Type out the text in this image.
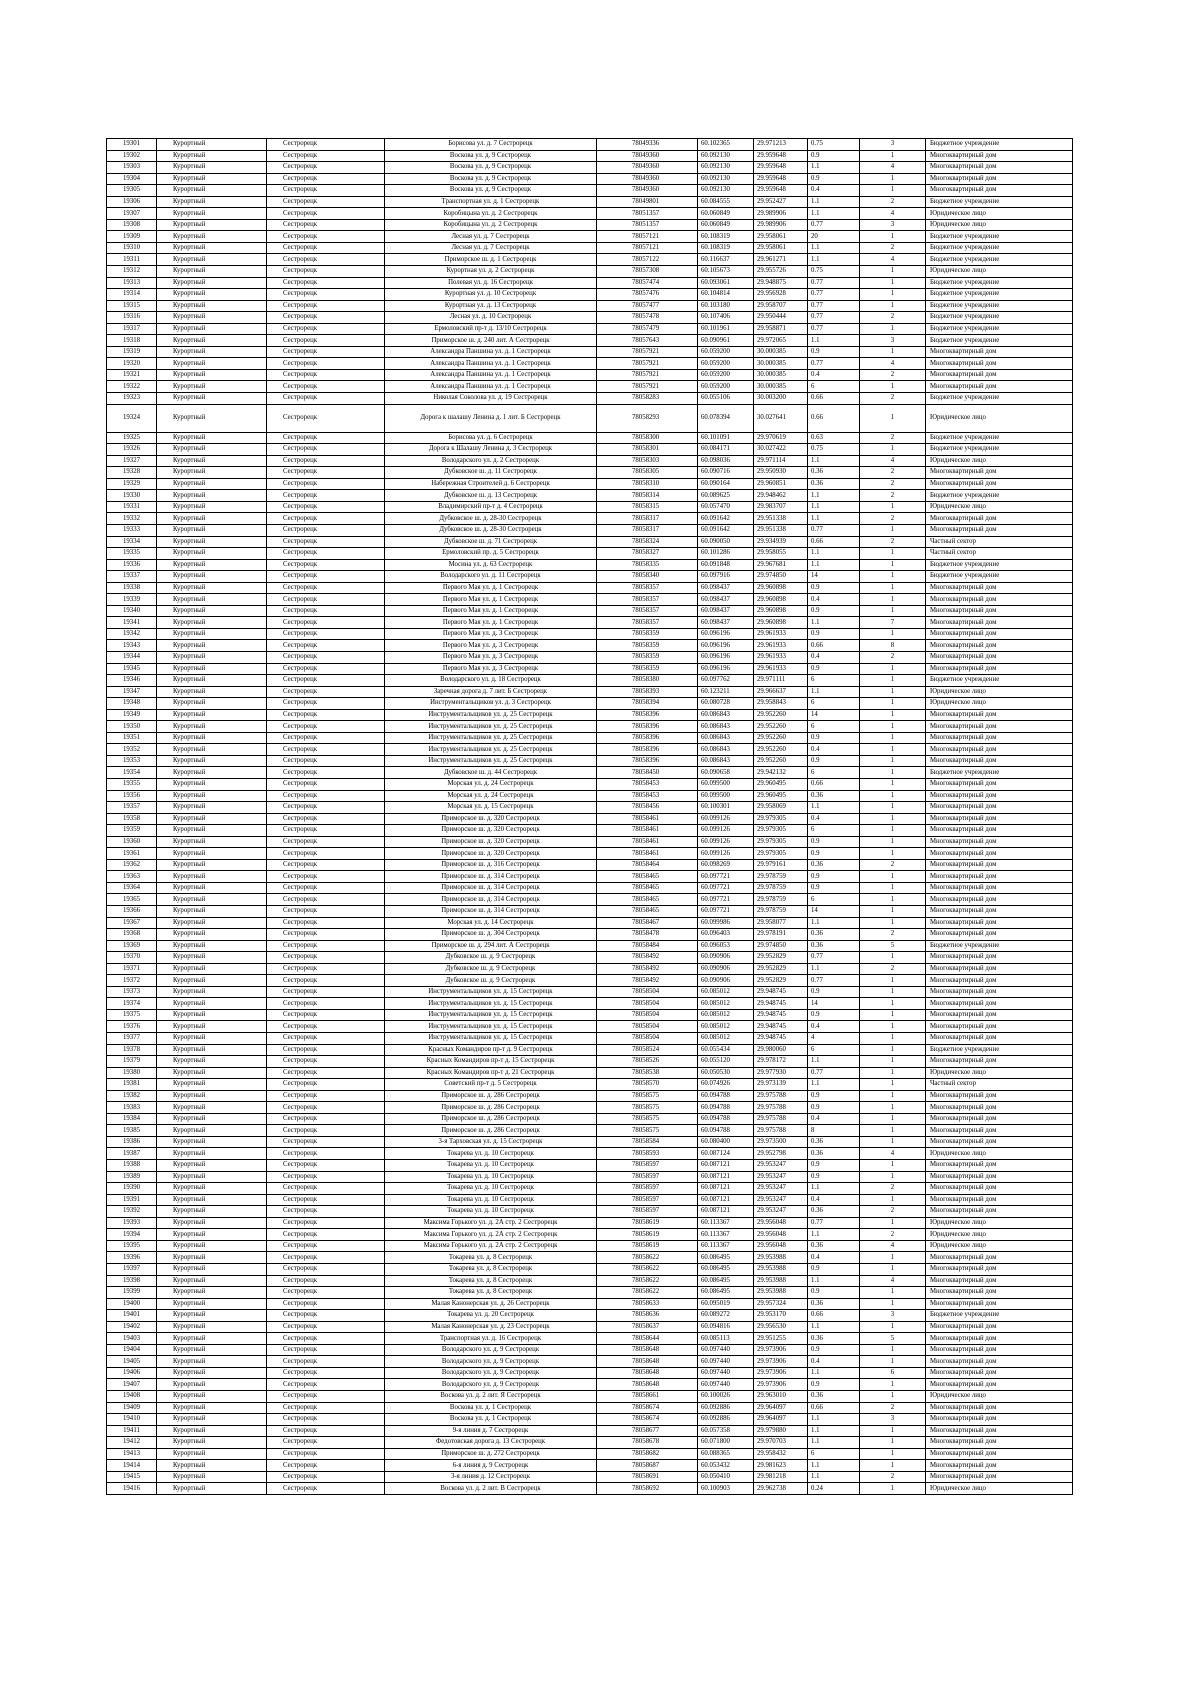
19301	Курортный	Сестрорецк	Борисова ул. д. 7 Сестрорецк	78049336	60.102365	29.971213	0.75	3	Бюджетное учреждение
19302	Курортный	Сестрорецк	Воскова ул. д. 9 Сестрорецк	78049360	60.092130	29.959648	0.9	1	Многоквартирный дом
19303	Курортный	Сестрорецк	Воскова ул. д. 9 Сестрорецк	78049360	60.092130	29.959648	1.1	4	Многоквартирный дом
19304	Курортный	Сестрорецк	Воскова ул. д. 9 Сестрорецк	78049360	60.092130	29.959648	0.9	1	Многоквартирный дом
19305	Курортный	Сестрорецк	Воскова ул. д. 9 Сестрорецк	78049360	60.092130	29.959648	0.4	1	Многоквартирный дом
19306	Курортный	Сестрорецк	Транспортная ул. д. 1 Сестрорецк	78049801	60.084555	29.952427	1.1	2	Бюджетное учреждение
19307	Курортный	Сестрорецк	Коробицына ул. д. 2 Сестрорецк	78051357	60.060849	29.989906	1.1	4	Юридическое лицо
19308	Курортный	Сестрорецк	Коробицына ул. д. 2 Сестрорецк	78051357	60.060849	29.989906	0.77	3	Юридическое лицо
19309	Курортный	Сестрорецк	Лесная ул. д. 7 Сестрорецк	78057121	60.108319	29.958061	20	1	Бюджетное учреждение
19310	Курортный	Сестрорецк	Лесная ул. д. 7 Сестрорецк	78057121	60.108319	29.958061	1.1	2	Бюджетное учреждение
19311	Курортный	Сестрорецк	Приморское ш. д. 1 Сестрорецк	78057122	60.116637	29.961271	1.1	4	Бюджетное учреждение
19312	Курортный	Сестрорецк	Курортная ул. д. 2 Сестрорецк	78057308	60.105673	29.955726	0.75	1	Юридическое лицо
19313	Курортный	Сестрорецк	Полевая ул. д. 16 Сестрорецк	78057474	60.093061	29.948875	0.77	1	Бюджетное учреждение
19314	Курортный	Сестрорецк	Курортная ул. д. 10 Сестрорецк	78057476	60.104814	29.956928	0.77	1	Бюджетное учреждение
19315	Курортный	Сестрорецк	Курортная ул. д. 13 Сестрорецк	78057477	60.103180	29.958707	0.77	1	Бюджетное учреждение
19316	Курортный	Сестрорецк	Лесная ул. д. 10 Сестрорецк	78057478	60.107406	29.950444	0.77	2	Бюджетное учреждение
19317	Курортный	Сестрорецк	Ермоловский пр-т д. 13/10 Сестрорецк	78057479	60.101961	29.958871	0.77	1	Бюджетное учреждение
19318	Курортный	Сестрорецк	Приморское ш. д. 240 лит. А Сестрорецк	78057643	60.090961	29.972065	1.1	3	Бюджетное учреждение
19319	Курортный	Сестрорецк	Александра Паншина ул. д. 1 Сестрорецк	78057921	60.059200	30.000385	0.9	1	Многоквартирный дом
19320	Курортный	Сестрорецк	Александра Паншина ул. д. 1 Сестрорецк	78057921	60.059200	30.000385	0.77	4	Многоквартирный дом
19321	Курортный	Сестрорецк	Александра Паншина ул. д. 1 Сестрорецк	78057921	60.059200	30.000385	0.4	2	Многоквартирный дом
19322	Курортный	Сестрорецк	Александра Паншина ул. д. 1 Сестрорецк	78057921	60.059200	30.000385	6	1	Многоквартирный дом
19323	Курортный	Сестрорецк	Николая Соколова ул. д. 19 Сестрорецк	78058283	60.055106	30.003200	0.66	2	Бюджетное учреждение
19324	Курортный	Сестрорецк	Дорога к шалашу Ленина д. 1 лит. Б Сестрорецк	78058293	60.078394	30.027641	0.66	1	Юридическое лицо
19325	Курортный	Сестрорецк	Борисова ул. д. 6 Сестрорецк	78058300	60.101091	29.970619	0.63	2	Бюджетное учреждение
19326	Курортный	Сестрорецк	Дорога к Шалашу Ленина д. 3 Сестрорецк	78058301	60.084171	30.027422	0.75	1	Бюджетное учреждение
19327	Курортный	Сестрорецк	Володарского ул. д. 2 Сестрорецк	78058303	60.098036	29.971114	1.1	4	Юридическое лицо
19328	Курортный	Сестрорецк	Дубковское ш. д. 11 Сестрорецк	78058305	60.090716	29.950930	0.36	2	Многоквартирный дом
19329	Курортный	Сестрорецк	Набережная Строителей д. 6 Сестрорецк	78058310	60.090164	29.960851	0.36	2	Многоквартирный дом
19330	Курортный	Сестрорецк	Дубковское ш. д. 13 Сестрорецк	78058314	60.089625	29.948462	1.1	2	Бюджетное учреждение
19331	Курортный	Сестрорецк	Владимирский пр-т д. 4 Сестрорецк	78058315	60.057470	29.983707	1.1	1	Юридическое лицо
19332	Курортный	Сестрорецк	Дубковское ш. д. 28-30 Сестрорецк	78058317	60.091642	29.951338	1.1	2	Многоквартирный дом
19333	Курортный	Сестрорецк	Дубковское ш. д. 28-30 Сестрорецк	78058317	60.091642	29.951338	0.77	1	Многоквартирный дом
19334	Курортный	Сестрорецк	Дубковское ш. д. 71 Сестрорецк	78058324	60.090050	29.934939	0.66	2	Частный сектор
19335	Курортный	Сестрорецк	Ермоловский пр. д. 5 Сестрорецк	78058327	60.101286	29.958055	1.1	1	Частный сектор
19336	Курортный	Сестрорецк	Мосина ул. д. 63 Сестрорецк	78058335	60.091848	29.967681	1.1	1	Бюджетное учреждение
19337	Курортный	Сестрорецк	Володарского ул. д. 11 Сестрорецк	78058340	60.097916	29.974850	14	1	Бюджетное учреждение
19338	Курортный	Сестрорецк	Первого Мая ул. д. 1 Сестрорецк	78058357	60.098437	29.960898	0.9	1	Многоквартирный дом
19339	Курортный	Сестрорецк	Первого Мая ул. д. 1 Сестрорецк	78058357	60.098437	29.960898	0.4	1	Многоквартирный дом
19340	Курортный	Сестрорецк	Первого Мая ул. д. 1 Сестрорецк	78058357	60.098437	29.960898	0.9	1	Многоквартирный дом
19341	Курортный	Сестрорецк	Первого Мая ул. д. 1 Сестрорецк	78058357	60.098437	29.960898	1.1	7	Многоквартирный дом
19342	Курортный	Сестрорецк	Первого Мая ул. д. 3 Сестрорецк	78058359	60.096196	29.961933	0.9	1	Многоквартирный дом
19343	Курортный	Сестрорецк	Первого Мая ул. д. 3 Сестрорецк	78058359	60.096196	29.961933	0.66	8	Многоквартирный дом
19344	Курортный	Сестрорецк	Первого Мая ул. д. 3 Сестрорецк	78058359	60.096196	29.961933	0.4	2	Многоквартирный дом
19345	Курортный	Сестрорецк	Первого Мая ул. д. 3 Сестрорецк	78058359	60.096196	29.961933	0.9	1	Многоквартирный дом
19346	Курортный	Сестрорецк	Володарского ул. д. 18 Сестрорецк	78058380	60.097762	29.971111	6	1	Бюджетное учреждение
19347	Курортный	Сестрорецк	Заречная дорога д. 7 лит. Б Сестрорецк	78058393	60.123211	29.966637	1.1	1	Юридическое лицо
19348	Курортный	Сестрорецк	Инструментальщиков ул. д. 3 Сестрорецк	78058394	60.080728	29.958843	6	1	Юридическое лицо
19349	Курортный	Сестрорецк	Инструментальщиков ул. д. 25 Сестрорецк	78058396	60.086843	29.952260	14	1	Многоквартирный дом
19350	Курортный	Сестрорецк	Инструментальщиков ул. д. 25 Сестрорецк	78058396	60.086843	29.952260	6	1	Многоквартирный дом
19351	Курортный	Сестрорецк	Инструментальщиков ул. д. 25 Сестрорецк	78058396	60.086843	29.952260	0.9	1	Многоквартирный дом
19352	Курортный	Сестрорецк	Инструментальщиков ул. д. 25 Сестрорецк	78058396	60.086843	29.952260	0.4	1	Многоквартирный дом
19353	Курортный	Сестрорецк	Инструментальщиков ул. д. 25 Сестрорецк	78058396	60.086843	29.952260	0.9	1	Многоквартирный дом
19354	Курортный	Сестрорецк	Дубковское ш. д. 44 Сестрорецк	78058450	60.090658	29.942132	6	1	Бюджетное учреждение
19355	Курортный	Сестрорецк	Морская ул. д. 24 Сестрорецк	78058453	60.099500	29.960495	0.66	1	Многоквартирный дом
19356	Курортный	Сестрорецк	Морская ул. д. 24 Сестрорецк	78058453	60.099500	29.960495	0.36	1	Многоквартирный дом
19357	Курортный	Сестрорецк	Морская ул. д. 15 Сестрорецк	78058456	60.100301	29.958069	1.1	1	Многоквартирный дом
19358	Курортный	Сестрорецк	Приморское ш. д. 320 Сестрорецк	78058461	60.099126	29.979305	0.4	1	Многоквартирный дом
19359	Курортный	Сестрорецк	Приморское ш. д. 320 Сестрорецк	78058461	60.099126	29.979305	6	1	Многоквартирный дом
19360	Курортный	Сестрорецк	Приморское ш. д. 320 Сестрорецк	78058461	60.099126	29.979305	0.9	1	Многоквартирный дом
19361	Курортный	Сестрорецк	Приморское ш. д. 320 Сестрорецк	78058461	60.099126	29.979305	0.9	1	Многоквартирный дом
19362	Курортный	Сестрорецк	Приморское ш. д. 316 Сестрорецк	78058464	60.098269	29.979161	0.36	2	Многоквартирный дом
19363	Курортный	Сестрорецк	Приморское ш. д. 314 Сестрорецк	78058465	60.097721	29.978759	0.9	1	Многоквартирный дом
19364	Курортный	Сестрорецк	Приморское ш. д. 314 Сестрорецк	78058465	60.097721	29.978759	0.9	1	Многоквартирный дом
19365	Курортный	Сестрорецк	Приморское ш. д. 314 Сестрорецк	78058465	60.097721	29.978759	6	1	Многоквартирный дом
19366	Курортный	Сестрорецк	Приморское ш. д. 314 Сестрорецк	78058465	60.097721	29.978759	14	1	Многоквартирный дом
19367	Курортный	Сестрорецк	Морская ул. д. 14 Сестрорецк	78058467	60.099986	29.958077	1.1	1	Многоквартирный дом
19368	Курортный	Сестрорецк	Приморское ш. д. 304 Сестрорецк	78058478	60.096403	29.978191	0.36	2	Многоквартирный дом
19369	Курортный	Сестрорецк	Приморское ш. д. 294 лит. А Сестрорецк	78058484	60.096053	29.974850	0.36	5	Бюджетное учреждение
19370	Курортный	Сестрорецк	Дубковское ш. д. 9 Сестрорецк	78058492	60.090906	29.952829	0.77	1	Многоквартирный дом
19371	Курортный	Сестрорецк	Дубковское ш. д. 9 Сестрорецк	78058492	60.090906	29.952829	1.1	2	Многоквартирный дом
19372	Курортный	Сестрорецк	Дубковское ш. д. 9 Сестрорецк	78058492	60.090906	29.952829	0.77	1	Многоквартирный дом
19373	Курортный	Сестрорецк	Инструментальщиков ул. д. 15 Сестрорецк	78058504	60.085012	29.948745	0.9	1	Многоквартирный дом
19374	Курортный	Сестрорецк	Инструментальщиков ул. д. 15 Сестрорецк	78058504	60.085012	29.948745	14	1	Многоквартирный дом
19375	Курортный	Сестрорецк	Инструментальщиков ул. д. 15 Сестрорецк	78058504	60.085012	29.948745	0.9	1	Многоквартирный дом
19376	Курортный	Сестрорецк	Инструментальщиков ул. д. 15 Сестрорецк	78058504	60.085012	29.948745	0.4	1	Многоквартирный дом
19377	Курортный	Сестрорецк	Инструментальщиков ул. д. 15 Сестрорецк	78058504	60.085012	29.948745	4	1	Многоквартирный дом
19378	Курортный	Сестрорецк	Красных Командиров пр-т д. 9 Сестрорецк	78058524	60.055434	29.980060	6	1	Бюджетное учреждение
19379	Курортный	Сестрорецк	Красных Командиров пр-т д. 15 Сестрорецк	78058526	60.055120	29.978172	1.1	1	Многоквартирный дом
19380	Курортный	Сестрорецк	Красных Командиров пр-т д. 21 Сестрорецк	78058538	60.050530	29.977930	0.77	1	Юридическое лицо
19381	Курортный	Сестрорецк	Советский пр-т д. 5 Сестрорецк	78058570	60.074926	29.973139	1.1	1	Частный сектор
19382	Курортный	Сестрорецк	Приморское ш. д. 286 Сестрорецк	78058575	60.094788	29.975788	0.9	1	Многоквартирный дом
19383	Курортный	Сестрорецк	Приморское ш. д. 286 Сестрорецк	78058575	60.094788	29.975788	0.9	1	Многоквартирный дом
19384	Курортный	Сестрорецк	Приморское ш. д. 286 Сестрорецк	78058575	60.094788	29.975788	0.4	1	Многоквартирный дом
19385	Курортный	Сестрорецк	Приморское ш. д. 286 Сестрорецк	78058575	60.094788	29.975788	8	1	Многоквартирный дом
19386	Курортный	Сестрорецк	3-я Тарховская ул. д. 15 Сестрорецк	78058584	60.080400	29.973500	0.36	1	Многоквартирный дом
19387	Курортный	Сестрорецк	Токарева ул. д. 10 Сестрорецк	78058593	60.087124	29.952798	0.36	4	Юридическое лицо
19388	Курортный	Сестрорецк	Токарева ул. д. 10 Сестрорецк	78058597	60.087121	29.953247	0.9	1	Многоквартирный дом
19389	Курортный	Сестрорецк	Токарева ул. д. 10 Сестрорецк	78058597	60.087121	29.953247	0.9	1	Многоквартирный дом
19390	Курортный	Сестрорецк	Токарева ул. д. 10 Сестрорецк	78058597	60.087121	29.953247	1.1	2	Многоквартирный дом
19391	Курортный	Сестрорецк	Токарева ул. д. 10 Сестрорецк	78058597	60.087121	29.953247	0.4	1	Многоквартирный дом
19392	Курортный	Сестрорецк	Токарева ул. д. 10 Сестрорецк	78058597	60.087121	29.953247	0.36	2	Многоквартирный дом
19393	Курортный	Сестрорецк	Максима Горького ул. д. 2А стр. 2 Сестрорецк	78058619	60.113367	29.956048	0.77	1	Юридическое лицо
19394	Курортный	Сестрорецк	Максима Горького ул. д. 2А стр. 2 Сестрорецк	78058619	60.113367	29.956048	1.1	2	Юридическое лицо
19395	Курортный	Сестрорецк	Максима Горького ул. д. 2А стр. 2 Сестрорецк	78058619	60.113367	29.956048	0.36	4	Юридическое лицо
19396	Курортный	Сестрорецк	Токарева ул. д. 8 Сестрорецк	78058622	60.086495	29.953988	0.4	1	Многоквартирный дом
19397	Курортный	Сестрорецк	Токарева ул. д. 8 Сестрорецк	78058622	60.086495	29.953988	0.9	1	Многоквартирный дом
19398	Курортный	Сестрорецк	Токарева ул. д. 8 Сестрорецк	78058622	60.086495	29.953988	1.1	4	Многоквартирный дом
19399	Курортный	Сестрорецк	Токарева ул. д. 8 Сестрорецк	78058622	60.086495	29.953988	0.9	1	Многоквартирный дом
19400	Курортный	Сестрорецк	Малая Канонерская ул. д. 26 Сестрорецк	78058633	60.095019	29.957324	0.36	1	Многоквартирный дом
19401	Курортный	Сестрорецк	Токарева ул. д. 20 Сестрорецк	78058636	60.089272	29.953170	0.66	3	Бюджетное учреждение
19402	Курортный	Сестрорецк	Малая Канонерская ул. д. 23 Сестрорецк	78058637	60.094816	29.956530	1.1	1	Многоквартирный дом
19403	Курортный	Сестрорецк	Транспортная ул. д. 16 Сестрорецк	78058644	60.085113	29.951255	0.36	5	Многоквартирный дом
19404	Курортный	Сестрорецк	Володарского ул. д. 9 Сестрорецк	78058648	60.097440	29.973906	0.9	1	Многоквартирный дом
19405	Курортный	Сестрорецк	Володарского ул. д. 9 Сестрорецк	78058648	60.097440	29.973906	0.4	1	Многоквартирный дом
19406	Курортный	Сестрорецк	Володарского ул. д. 9 Сестрорецк	78058648	60.097440	29.973906	1.1	6	Многоквартирный дом
19407	Курортный	Сестрорецк	Володарского ул. д. 9 Сестрорецк	78058648	60.097440	29.973906	0.9	1	Многоквартирный дом
19408	Курортный	Сестрорецк	Воскова ул. д. 2 лит. Я Сестрорецк	78058661	60.100026	29.963010	0.36	1	Юридическое лицо
19409	Курортный	Сестрорецк	Воскова ул. д. 1 Сестрорецк	78058674	60.092886	29.964097	0.66	2	Многоквартирный дом
19410	Курортный	Сестрорецк	Воскова ул. д. 1 Сестрорецк	78058674	60.092886	29.964097	1.1	3	Многоквартирный дом
19411	Курортный	Сестрорецк	9-я линия д. 7 Сестрорецк	78058677	60.057358	29.979880	1.1	1	Многоквартирный дом
19412	Курортный	Сестрорецк	Федотовская дорога д. 13 Сестрорецк	78058678	60.071800	29.970703	1.1	1	Многоквартирный дом
19413	Курортный	Сестрорецк	Приморское ш. д. 272 Сестрорецк	78058682	60.088365	29.958432	6	1	Многоквартирный дом
19414	Курортный	Сестрорецк	6-я линия д. 9 Сестрорецк	78058687	60.053432	29.981623	1.1	1	Многоквартирный дом
19415	Курортный	Сестрорецк	3-я линия д. 12 Сестрорецк	78058691	60.050410	29.981218	1.1	2	Многоквартирный дом
19416	Курортный	Сестрорецк	Воскова ул. д. 2 лит. В Сестрорецк	78058692	60.100903	29.962738	0.24	1	Юридическое лицо
